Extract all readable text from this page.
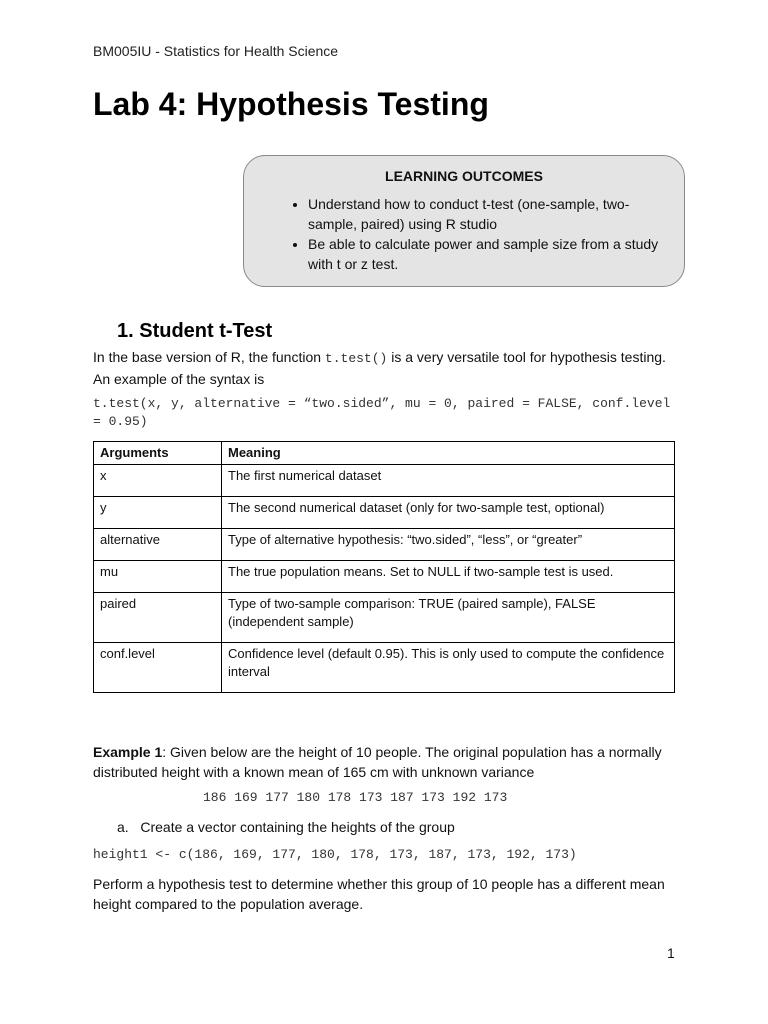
BM005IU - Statistics for Health Science
Lab 4: Hypothesis Testing
LEARNING OUTCOMES
• Understand how to conduct t-test (one-sample, two-sample, paired) using R studio
• Be able to calculate power and sample size from a study with t or z test.
1. Student t-Test

In the base version of R, the function t.test() is a very versatile tool for hypothesis testing. An example of the syntax is

t.test(x, y, alternative = “two.sided”, mu = 0, paired = FALSE, conf.level = 0.95)

Arguments	Meaning
x	The first numerical dataset
y	The second numerical dataset (only for two-sample test, optional)
alternative	Type of alternative hypothesis: “two.sided”, “less”, or “greater”
mu	The true population means. Set to NULL if two-sample test is used.
paired	Type of two-sample comparison: TRUE (paired sample), FALSE (independent sample)
conf.level	Confidence level (default 0.95). This is only used to compute the confidence interval

Example 1: Given below are the height of 10 people. The original population has a normally distributed height with a known mean of 165 cm with unknown variance

186 169 177 180 178 173 187 173 192 173

a.   Create a vector containing the heights of the group

height1 <- c(186, 169, 177, 180, 178, 173, 187, 173, 192, 173)

Perform a hypothesis test to determine whether this group of 10 people has a different mean height compared to the population average.

1
